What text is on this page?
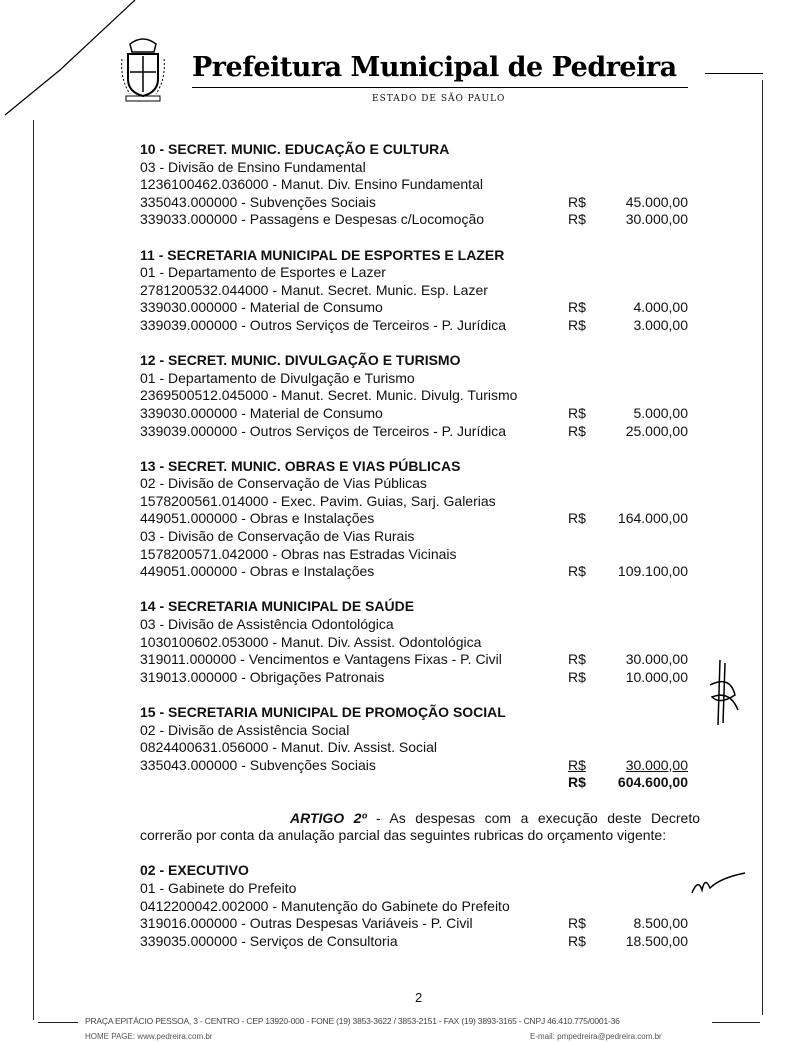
Prefeitura Municipal de Pedreira
ESTADO DE SÃO PAULO
10 - SECRET. MUNIC. EDUCAÇÃO E CULTURA
03 - Divisão de Ensino Fundamental
1236100462.036000 - Manut. Div. Ensino Fundamental
335043.000000 - Subvenções Sociais	R$	45.000,00
339033.000000 - Passagens e Despesas c/Locomoção	R$	30.000,00
11 - SECRETARIA MUNICIPAL DE ESPORTES E LAZER
01 - Departamento de Esportes e Lazer
2781200532.044000 - Manut. Secret. Munic. Esp. Lazer
339030.000000 - Material de Consumo	R$	4.000,00
339039.000000 - Outros Serviços de Terceiros - P. Jurídica	R$	3.000,00
12 - SECRET. MUNIC. DIVULGAÇÃO E TURISMO
01 - Departamento de Divulgação e Turismo
2369500512.045000 - Manut. Secret. Munic. Divulg. Turismo
339030.000000 - Material de Consumo	R$	5.000,00
339039.000000 - Outros Serviços de Terceiros - P. Jurídica	R$	25.000,00
13 - SECRET. MUNIC. OBRAS E VIAS PÚBLICAS
02 - Divisão de Conservação de Vias Públicas
1578200561.014000 - Exec. Pavim. Guias, Sarj. Galerias
449051.000000 - Obras e Instalações	R$ 164.000,00
03 - Divisão de Conservação de Vias Rurais
1578200571.042000 - Obras nas Estradas Vicinais
449051.000000 - Obras e Instalações	R$ 109.100,00
14 - SECRETARIA MUNICIPAL DE SAÚDE
03 - Divisão de Assistência Odontológica
1030100602.053000 - Manut. Div. Assist. Odontológica
319011.000000 - Vencimentos e Vantagens Fixas - P. Civil	R$	30.000,00
319013.000000 - Obrigações Patronais	R$	10.000,00
15 - SECRETARIA MUNICIPAL DE PROMOÇÃO SOCIAL
02 - Divisão de Assistência Social
0824400631.056000 - Manut. Div. Assist. Social
335043.000000 - Subvenções Sociais	R$	30.000,00
R$ 604.600,00
ARTIGO 2º - As despesas com a execução deste Decreto correrão por conta da anulação parcial das seguintes rubricas do orçamento vigente:
02 - EXECUTIVO
01 - Gabinete do Prefeito
0412200042.002000 - Manutenção do Gabinete do Prefeito
319016.000000 - Outras Despesas Variáveis - P. Civil	R$	8.500,00
339035.000000 - Serviços de Consultoria	R$	18.500,00
2
PRAÇA EPITÁCIO PESSOA, 3 - CENTRO - CEP 13920-000 - FONE (19) 3853-3622 / 3853-2151 - FAX (19) 3893-3165 - CNPJ 46.410.775/0001-36
HOME PAGE: www.pedreira.com.br	E-mail: pmpedreira@pedreira.com.br
